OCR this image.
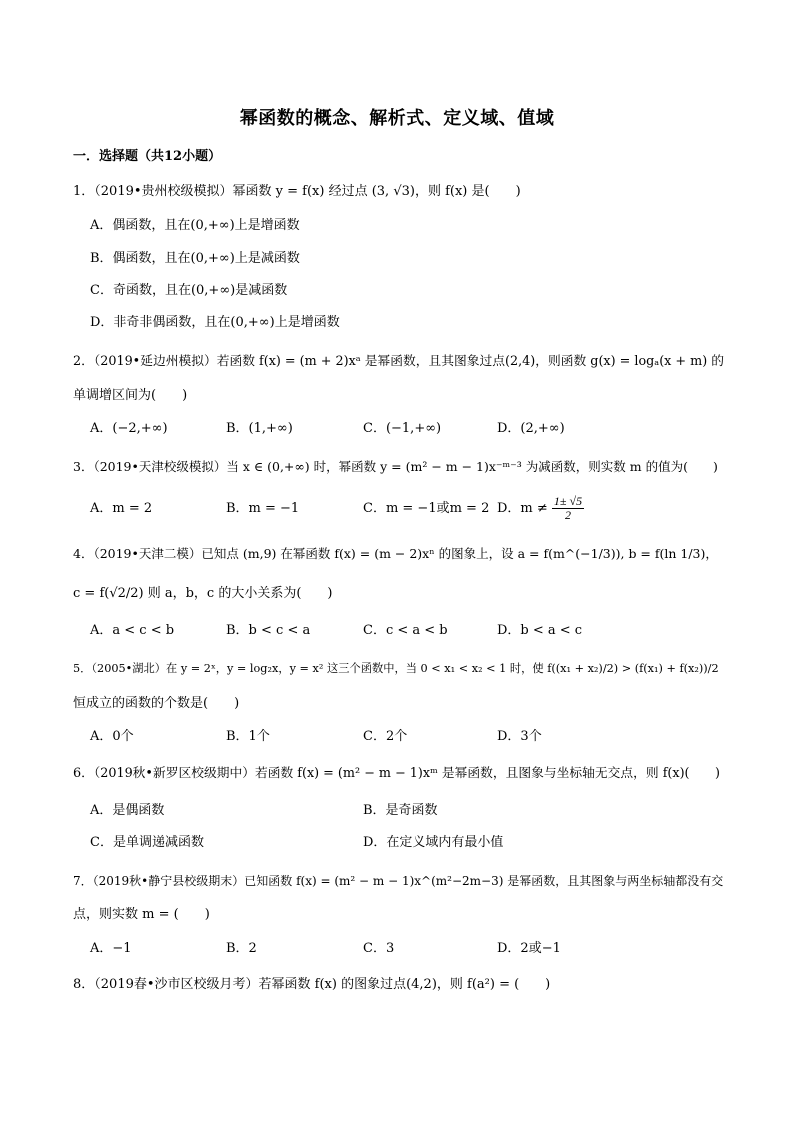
幂函数的概念、解析式、定义域、值域
一．选择题（共12小题）
1．（2019•贵州校级模拟）幂函数 y = f(x) 经过点 (3, √3)，则 f(x) 是(　　)
A．偶函数，且在(0,+∞)上是增函数
B．偶函数，且在(0,+∞)上是减函数
C．奇函数，且在(0,+∞)是减函数
D．非奇非偶函数，且在(0,+∞)上是增函数
2．（2019•延边州模拟）若函数 f(x) = (m + 2)xᵃ 是幂函数，且其图象过点(2,4)，则函数 g(x) = logₐ(x + m) 的
单调增区间为(　　)
A．(−2,+∞)	B．(1,+∞)	C．(−1,+∞)	D．(2,+∞)
3．（2019•天津校级模拟）当 x ∈ (0,+∞) 时，幂函数 y = (m² − m − 1)x⁻ᵐ⁻³ 为减函数，则实数 m 的值为(　　)
A．m = 2	B．m = −1	C．m = −1或m = 2 D．$m \ne \frac{1\pm √5}{2}$
4．（2019•天津二模）已知点 (m,9) 在幂函数 f(x) = (m − 2)xⁿ 的图象上，设 a = f(m^(−1/3)), b = f(ln 1/3)，
c = f(√2/2) 则 a，b，c 的大小关系为(　　)
A．a < c < b	B．b < c < a	C．c < a < b	D．b < a < c
5．（2005•湖北）在 y = 2ˣ，y = log₂x，y = x² 这三个函数中，当 0 < x₁ < x₂ < 1 时，使 f((x₁ + x₂)/2) > (f(x₁) + f(x₂))/2
恒成立的函数的个数是(　　)
A．0个	B．1个	C．2个	D．3个
6．（2019秋•新罗区校级期中）若函数 f(x) = (m² − m − 1)xᵐ 是幂函数，且图象与坐标轴无交点，则 f(x)(　　)
A．是偶函数	B．是奇函数
C．是单调递减函数	D．在定义域内有最小值
7．（2019秋•静宁县校级期末）已知函数 f(x) = (m² − m − 1)x^(m²−2m−3) 是幂函数，且其图象与两坐标轴都没有交
点，则实数 m = (　　)
A．−1	B．2	C．3	D．2或−1
8．（2019春•沙市区校级月考）若幂函数 f(x) 的图象过点(4,2)，则 f(a²) = (　　)
